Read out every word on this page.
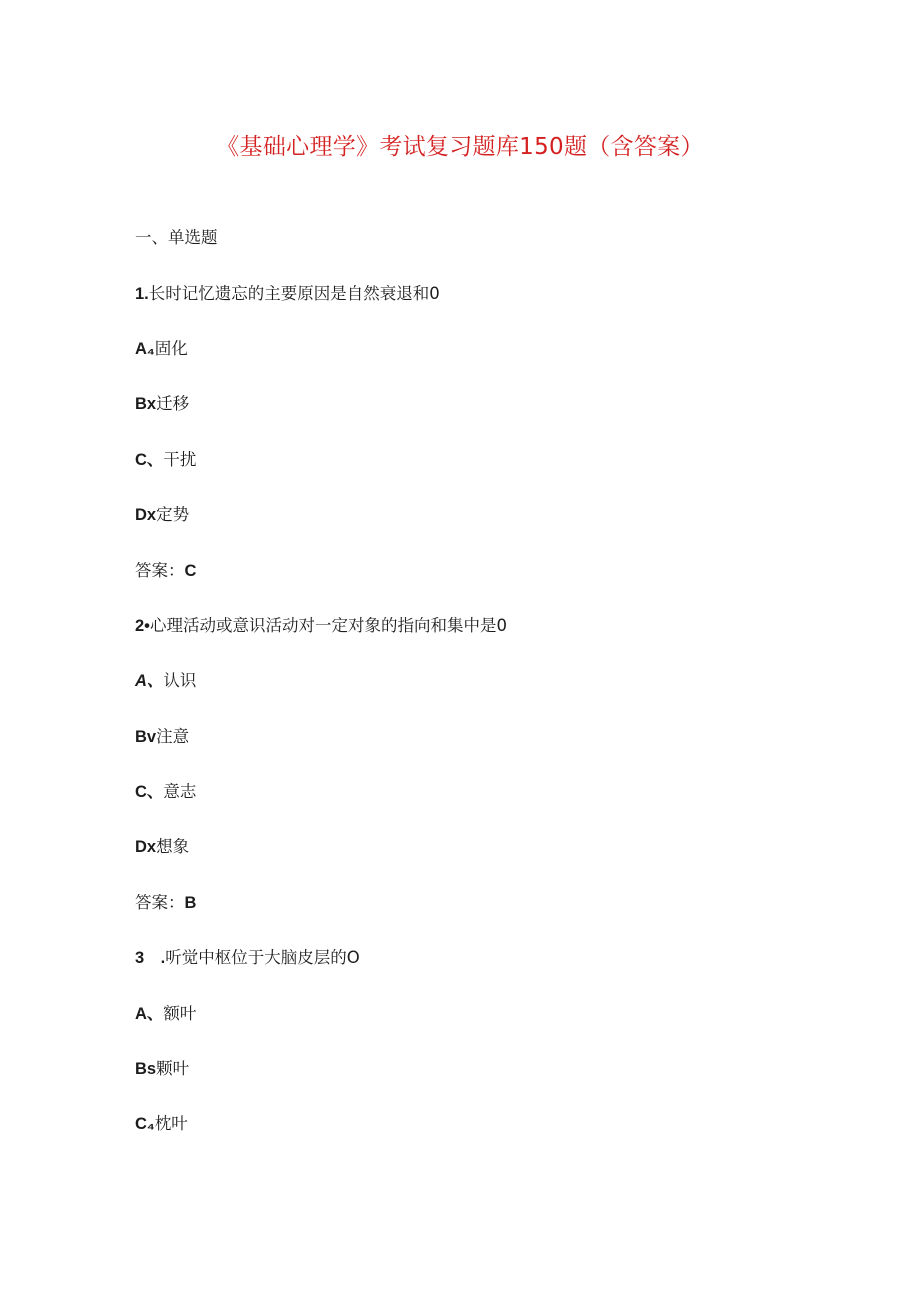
《基础心理学》考试复习题库150题（含答案）
一、单选题
1.长时记忆遗忘的主要原因是自然衰退和0
A₄固化
Bx迁移
C、干扰
Dx定势
答案：C
2•心理活动或意识活动对一定对象的指向和集中是0
A、认识
Bv注意
C、意志
Dx想象
答案：B
3　.听觉中枢位于大脑皮层的O
A、额叶
Bs颗叶
C₄枕叶
